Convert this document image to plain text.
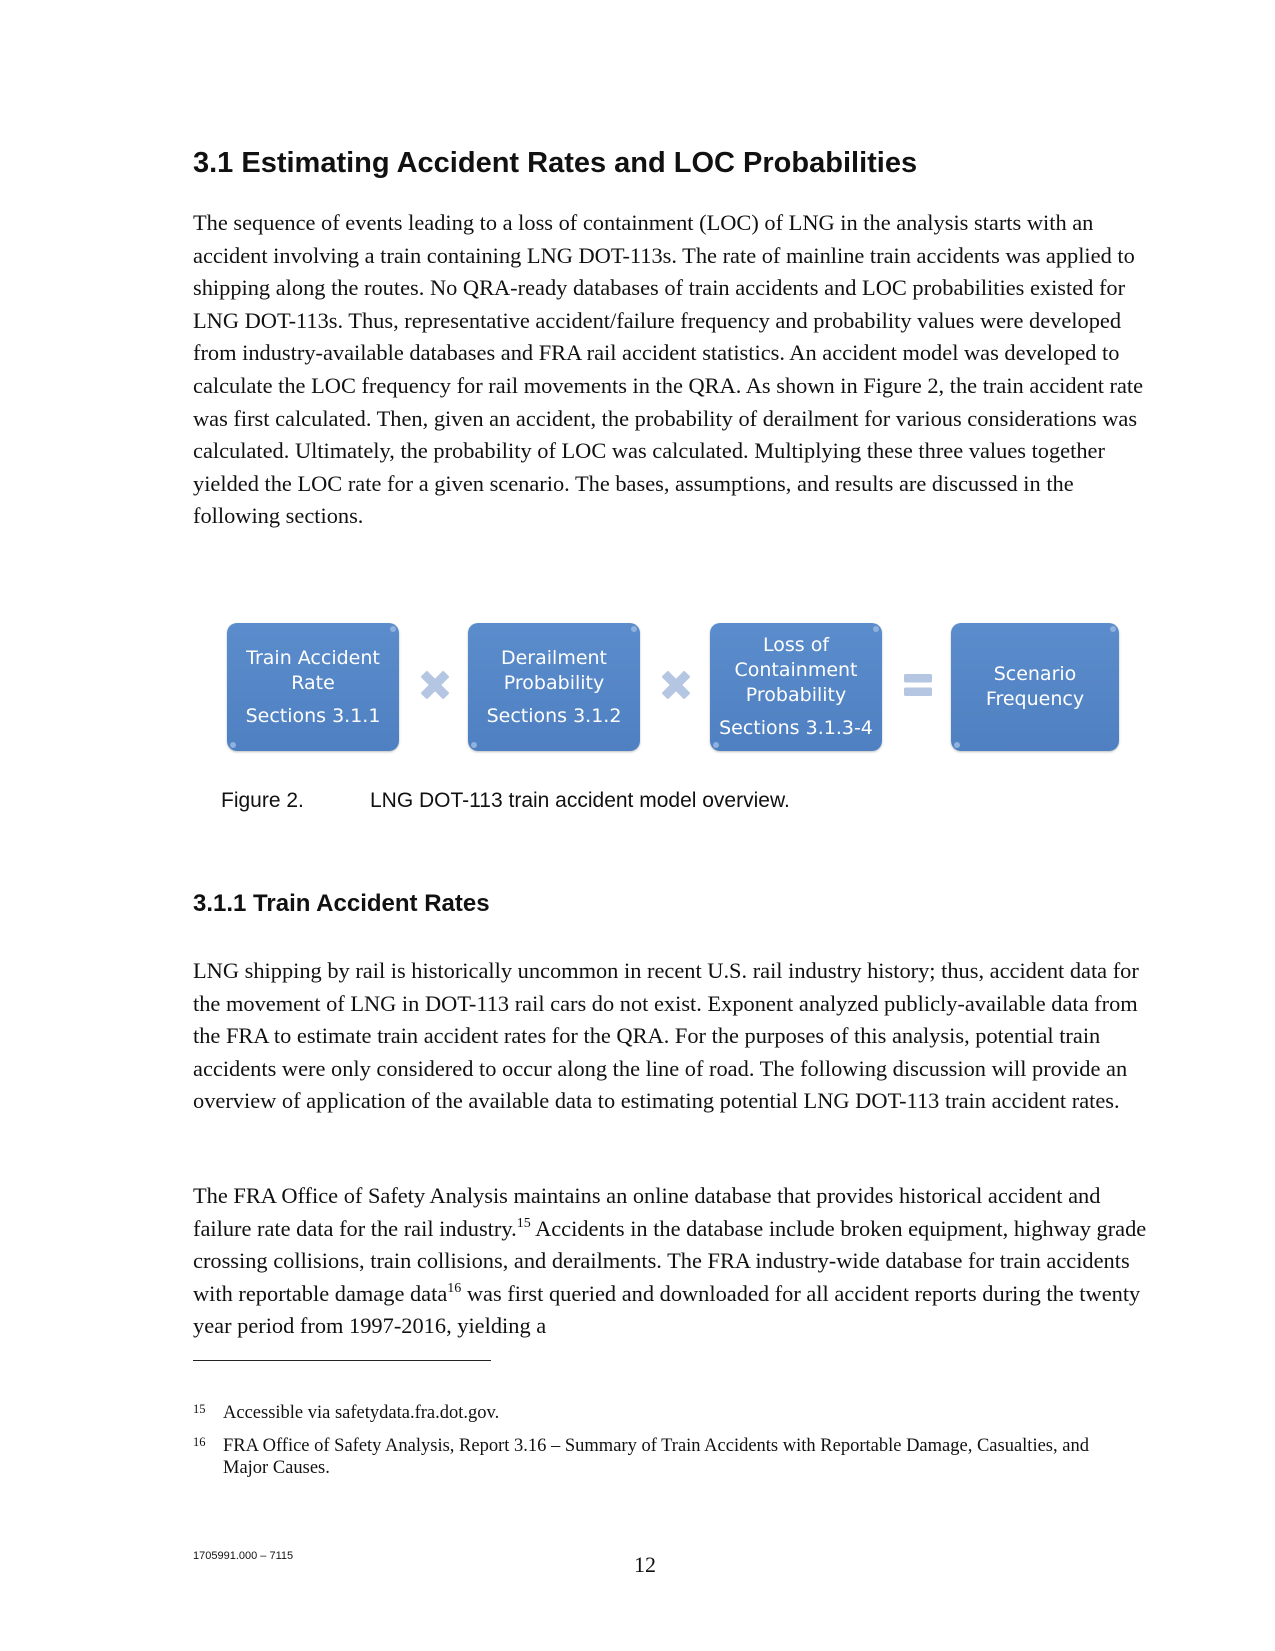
3.1 Estimating Accident Rates and LOC Probabilities

The sequence of events leading to a loss of containment (LOC) of LNG in the analysis starts with an accident involving a train containing LNG DOT-113s. The rate of mainline train accidents was applied to shipping along the routes. No QRA-ready databases of train accidents and LOC probabilities existed for LNG DOT-113s. Thus, representative accident/failure frequency and probability values were developed from industry-available databases and FRA rail accident statistics. An accident model was developed to calculate the LOC frequency for rail movements in the QRA. As shown in Figure 2, the train accident rate was first calculated. Then, given an accident, the probability of derailment for various considerations was calculated. Ultimately, the probability of LOC was calculated. Multiplying these three values together yielded the LOC rate for a given scenario. The bases, assumptions, and results are discussed in the following sections.

Train Accident
Rate
Sections 3.1.1
Derailment
Probability
Sections 3.1.2
Loss of
Containment
Probability
Sections 3.1.3-4
Scenario
Frequency
Figure 2.	LNG DOT-113 train accident model overview.
3.1.1 Train Accident Rates

LNG shipping by rail is historically uncommon in recent U.S. rail industry history; thus, accident data for the movement of LNG in DOT-113 rail cars do not exist. Exponent analyzed publicly-available data from the FRA to estimate train accident rates for the QRA. For the purposes of this analysis, potential train accidents were only considered to occur along the line of road. The following discussion will provide an overview of application of the available data to estimating potential LNG DOT-113 train accident rates.

The FRA Office of Safety Analysis maintains an online database that provides historical accident and failure rate data for the rail industry.$^{15}$ Accidents in the database include broken equipment, highway grade crossing collisions, train collisions, and derailments. The FRA industry-wide database for train accidents with reportable damage data$^{16}$ was first queried and downloaded for all accident reports during the twenty year period from 1997-2016, yielding a

15 Accessible via safetydata.fra.dot.gov.
16 FRA Office of Safety Analysis, Report 3.16 – Summary of Train Accidents with Reportable Damage, Casualties, and Major Causes.
1705991.000 – 7115	12
